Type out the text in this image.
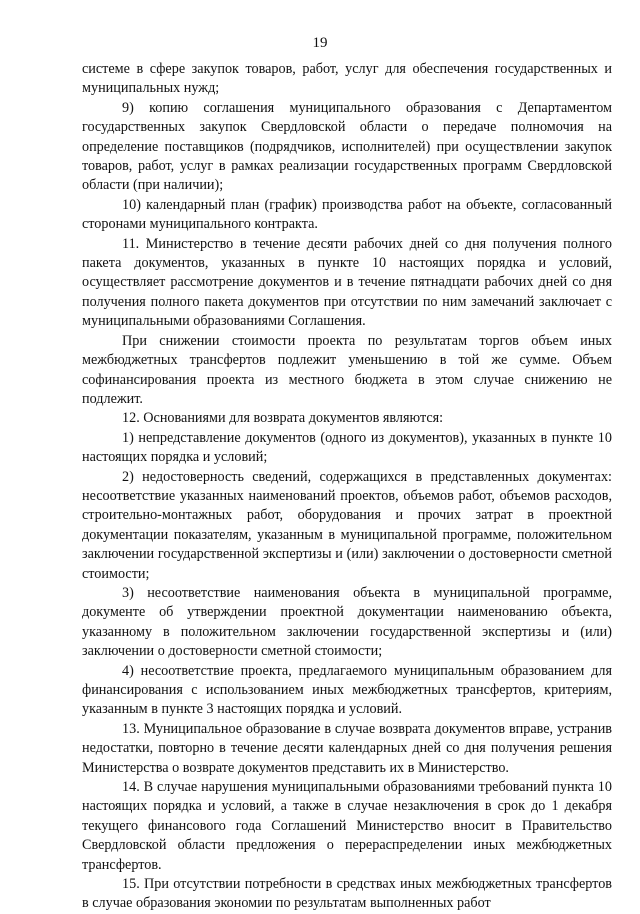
19

системе в сфере закупок товаров, работ, услуг для обеспечения государственных и муниципальных нужд;

9) копию соглашения муниципального образования с Департаментом государственных закупок Свердловской области о передаче полномочия на определение поставщиков (подрядчиков, исполнителей) при осуществлении закупок товаров, работ, услуг в рамках реализации государственных программ Свердловской области (при наличии);

10) календарный план (график) производства работ на объекте, согласованный сторонами муниципального контракта.

11. Министерство в течение десяти рабочих дней со дня получения полного пакета документов, указанных в пункте 10 настоящих порядка и условий, осуществляет рассмотрение документов и в течение пятнадцати рабочих дней со дня получения полного пакета документов при отсутствии по ним замечаний заключает с муниципальными образованиями Соглашения.

При снижении стоимости проекта по результатам торгов объем иных межбюджетных трансфертов подлежит уменьшению в той же сумме. Объем софинансирования проекта из местного бюджета в этом случае снижению не подлежит.

12. Основаниями для возврата документов являются:

1) непредставление документов (одного из документов), указанных в пункте 10 настоящих порядка и условий;

2) недостоверность сведений, содержащихся в представленных документах: несоответствие указанных наименований проектов, объемов работ, объемов расходов, строительно-монтажных работ, оборудования и прочих затрат в проектной документации показателям, указанным в муниципальной программе, положительном заключении государственной экспертизы и (или) заключении о достоверности сметной стоимости;

3) несоответствие наименования объекта в муниципальной программе, документе об утверждении проектной документации наименованию объекта, указанному в положительном заключении государственной экспертизы и (или) заключении о достоверности сметной стоимости;

4) несоответствие проекта, предлагаемого муниципальным образованием для финансирования с использованием иных межбюджетных трансфертов, критериям, указанным в пункте 3 настоящих порядка и условий.

13. Муниципальное образование в случае возврата документов вправе, устранив недостатки, повторно в течение десяти календарных дней со дня получения решения Министерства о возврате документов представить их в Министерство.

14. В случае нарушения муниципальными образованиями требований пункта 10 настоящих порядка и условий, а также в случае незаключения в срок до 1 декабря текущего финансового года Соглашений Министерство вносит в Правительство Свердловской области предложения о перераспределении иных межбюджетных трансфертов.

15. При отсутствии потребности в средствах иных межбюджетных трансфертов в случае образования экономии по результатам выполненных работ
